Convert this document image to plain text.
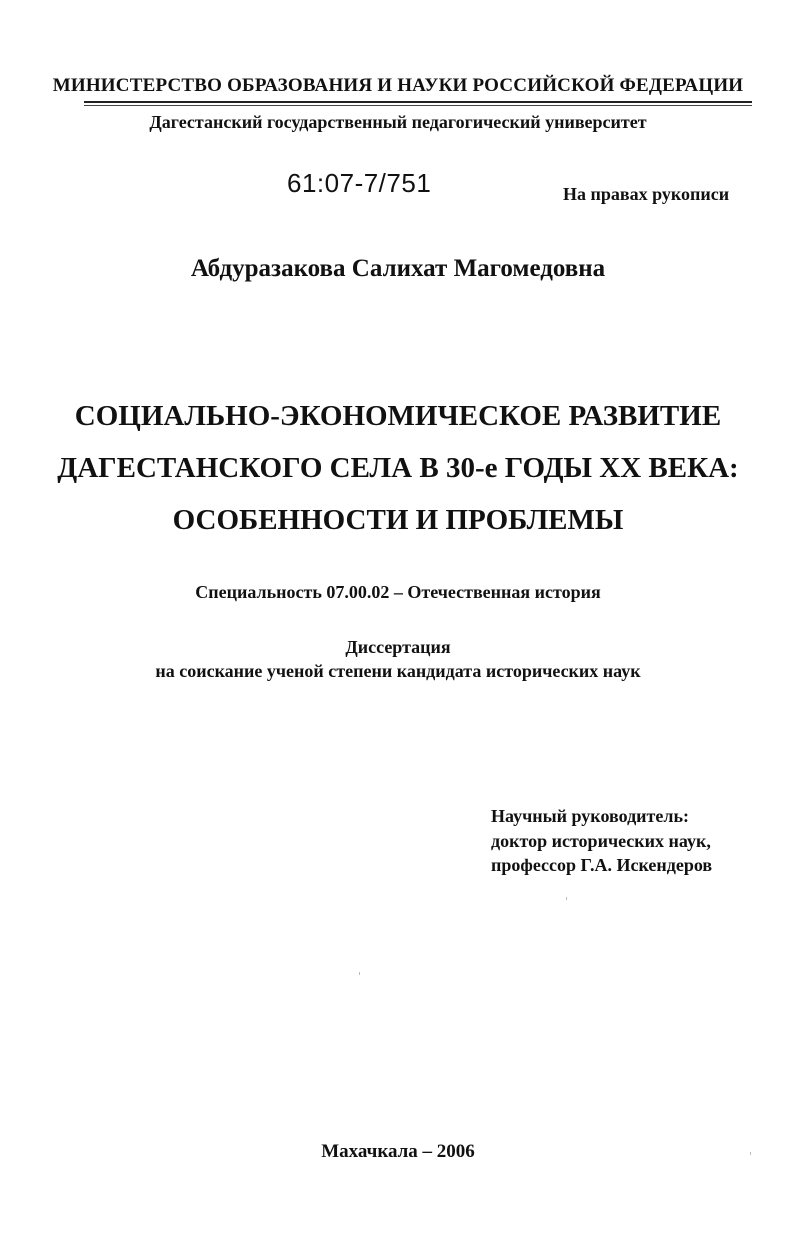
МИНИСТЕРСТВО ОБРАЗОВАНИЯ И НАУКИ РОССИЙСКОЙ ФЕДЕРАЦИИ
Дагестанский государственный педагогический университет
61:07-7/751	На правах рукописи
Абдуразакова Салихат Магомедовна
СОЦИАЛЬНО-ЭКОНОМИЧЕСКОЕ РАЗВИТИЕ
ДАГЕСТАНСКОГО СЕЛА В 30-е ГОДЫ XX ВЕКА:
ОСОБЕННОСТИ И ПРОБЛЕМЫ
Специальность 07.00.02 – Отечественная история
Диссертация
на соискание ученой степени кандидата исторических наук
Научный руководитель:
доктор исторических наук,
профессор Г.А. Искендеров
Махачкала – 2006
